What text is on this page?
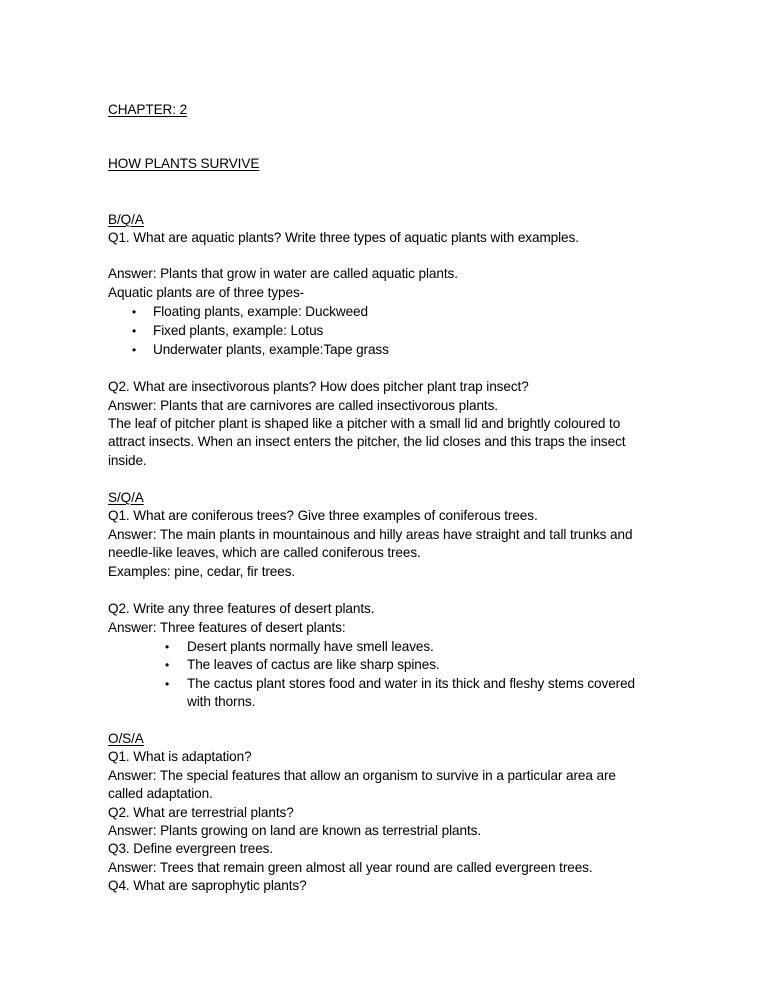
CHAPTER: 2
HOW PLANTS SURVIVE
B/Q/A
Q1. What are aquatic plants? Write three types of aquatic plants with examples.
Answer: Plants that grow in water are called aquatic plants.
Aquatic plants are of three types-
• Floating plants, example: Duckweed
• Fixed plants, example: Lotus
• Underwater plants, example:Tape grass
Q2. What are insectivorous plants? How does pitcher plant trap insect?
Answer: Plants that are carnivores are called insectivorous plants.
The leaf of pitcher plant is shaped like a pitcher with a small lid and brightly coloured to
attract insects. When an insect enters the pitcher, the lid closes and this traps the insect
inside.
S/Q/A
Q1. What are coniferous trees? Give three examples of coniferous trees.
Answer: The main plants in mountainous and hilly areas have straight and tall trunks and
needle-like leaves, which are called coniferous trees.
Examples: pine, cedar, fir trees.
Q2. Write any three features of desert plants.
Answer: Three features of desert plants:
• Desert plants normally have smell leaves.
• The leaves of cactus are like sharp spines.
• The cactus plant stores food and water in its thick and fleshy stems covered
with thorns.
O/S/A
Q1. What is adaptation?
Answer: The special features that allow an organism to survive in a particular area are
called adaptation.
Q2. What are terrestrial plants?
Answer: Plants growing on land are known as terrestrial plants.
Q3. Define evergreen trees.
Answer: Trees that remain green almost all year round are called evergreen trees.
Q4. What are saprophytic plants?
